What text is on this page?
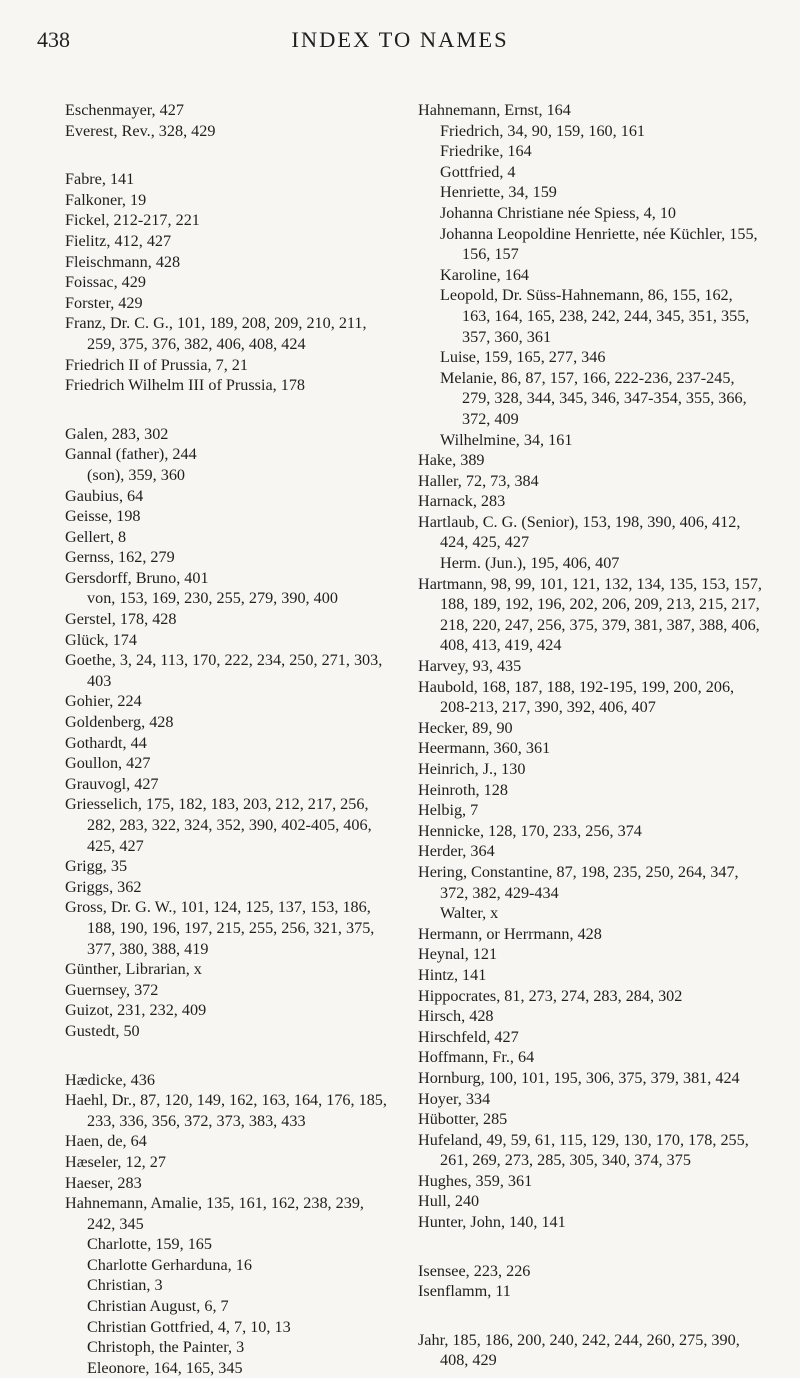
438	INDEX TO NAMES
Eschenmayer, 427
Everest, Rev., 328, 429
Fabre, 141
Falkoner, 19
Fickel, 212-217, 221
Fielitz, 412, 427
Fleischmann, 428
Foissac, 429
Forster, 429
Franz, Dr. C. G., 101, 189, 208, 209, 210, 211, 259, 375, 376, 382, 406, 408, 424
Friedrich II of Prussia, 7, 21
Friedrich Wilhelm III of Prussia, 178
Galen, 283, 302
Gannal (father), 244
(son), 359, 360
Gaubius, 64
Geisse, 198
Gellert, 8
Gernss, 162, 279
Gersdorff, Bruno, 401
von, 153, 169, 230, 255, 279, 390, 400
Gerstel, 178, 428
Glück, 174
Goethe, 3, 24, 113, 170, 222, 234, 250, 271, 303, 403
Gohier, 224
Goldenberg, 428
Gothardt, 44
Goullon, 427
Grauvogl, 427
Griesselich, 175, 182, 183, 203, 212, 217, 256, 282, 283, 322, 324, 352, 390, 402-405, 406, 425, 427
Grigg, 35
Griggs, 362
Gross, Dr. G. W., 101, 124, 125, 137, 153, 186, 188, 190, 196, 197, 215, 255, 256, 321, 375, 377, 380, 388, 419
Günther, Librarian, x
Guernsey, 372
Guizot, 231, 232, 409
Gustedt, 50
Hædicke, 436
Haehl, Dr., 87, 120, 149, 162, 163, 164, 176, 185, 233, 336, 356, 372, 373, 383, 433
Haen, de, 64
Hæseler, 12, 27
Haeser, 283
Hahnemann, Amalie, 135, 161, 162, 238, 239, 242, 345
Charlotte, 159, 165
Charlotte Gerharduna, 16
Christian, 3
Christian August, 6, 7
Christian Gottfried, 4, 7, 10, 13
Christoph, the Painter, 3
Eleonore, 164, 165, 345
Hahnemann, Ernst, 164
Friedrich, 34, 90, 159, 160, 161
Friedrike, 164
Gottfried, 4
Henriette, 34, 159
Johanna Christiane née Spiess, 4, 10
Johanna Leopoldine Henriette, née Küchler, 155, 156, 157
Karoline, 164
Leopold, Dr. Süss-Hahnemann, 86, 155, 162, 163, 164, 165, 238, 242, 244, 345, 351, 355, 357, 360, 361
Luise, 159, 165, 277, 346
Melanie, 86, 87, 157, 166, 222-236, 237-245, 279, 328, 344, 345, 346, 347-354, 355, 366, 372, 409
Wilhelmine, 34, 161
Hake, 389
Haller, 72, 73, 384
Harnack, 283
Hartlaub, C. G. (Senior), 153, 198, 390, 406, 412, 424, 425, 427
Herm. (Jun.), 195, 406, 407
Hartmann, 98, 99, 101, 121, 132, 134, 135, 153, 157, 188, 189, 192, 196, 202, 206, 209, 213, 215, 217, 218, 220, 247, 256, 375, 379, 381, 387, 388, 406, 408, 413, 419, 424
Harvey, 93, 435
Haubold, 168, 187, 188, 192-195, 199, 200, 206, 208-213, 217, 390, 392, 406, 407
Hecker, 89, 90
Heermann, 360, 361
Heinrich, J., 130
Heinroth, 128
Helbig, 7
Hennicke, 128, 170, 233, 256, 374
Herder, 364
Hering, Constantine, 87, 198, 235, 250, 264, 347, 372, 382, 429-434
Walter, x
Hermann, or Herrmann, 428
Heynal, 121
Hintz, 141
Hippocrates, 81, 273, 274, 283, 284, 302
Hirsch, 428
Hirschfeld, 427
Hoffmann, Fr., 64
Hornburg, 100, 101, 195, 306, 375, 379, 381, 424
Hoyer, 334
Hübotter, 285
Hufeland, 49, 59, 61, 115, 129, 130, 170, 178, 255, 261, 269, 273, 285, 305, 340, 374, 375
Hughes, 359, 361
Hull, 240
Hunter, John, 140, 141
Isensee, 223, 226
Isenflamm, 11
Jahr, 185, 186, 200, 240, 242, 244, 260, 275, 390, 408, 429
